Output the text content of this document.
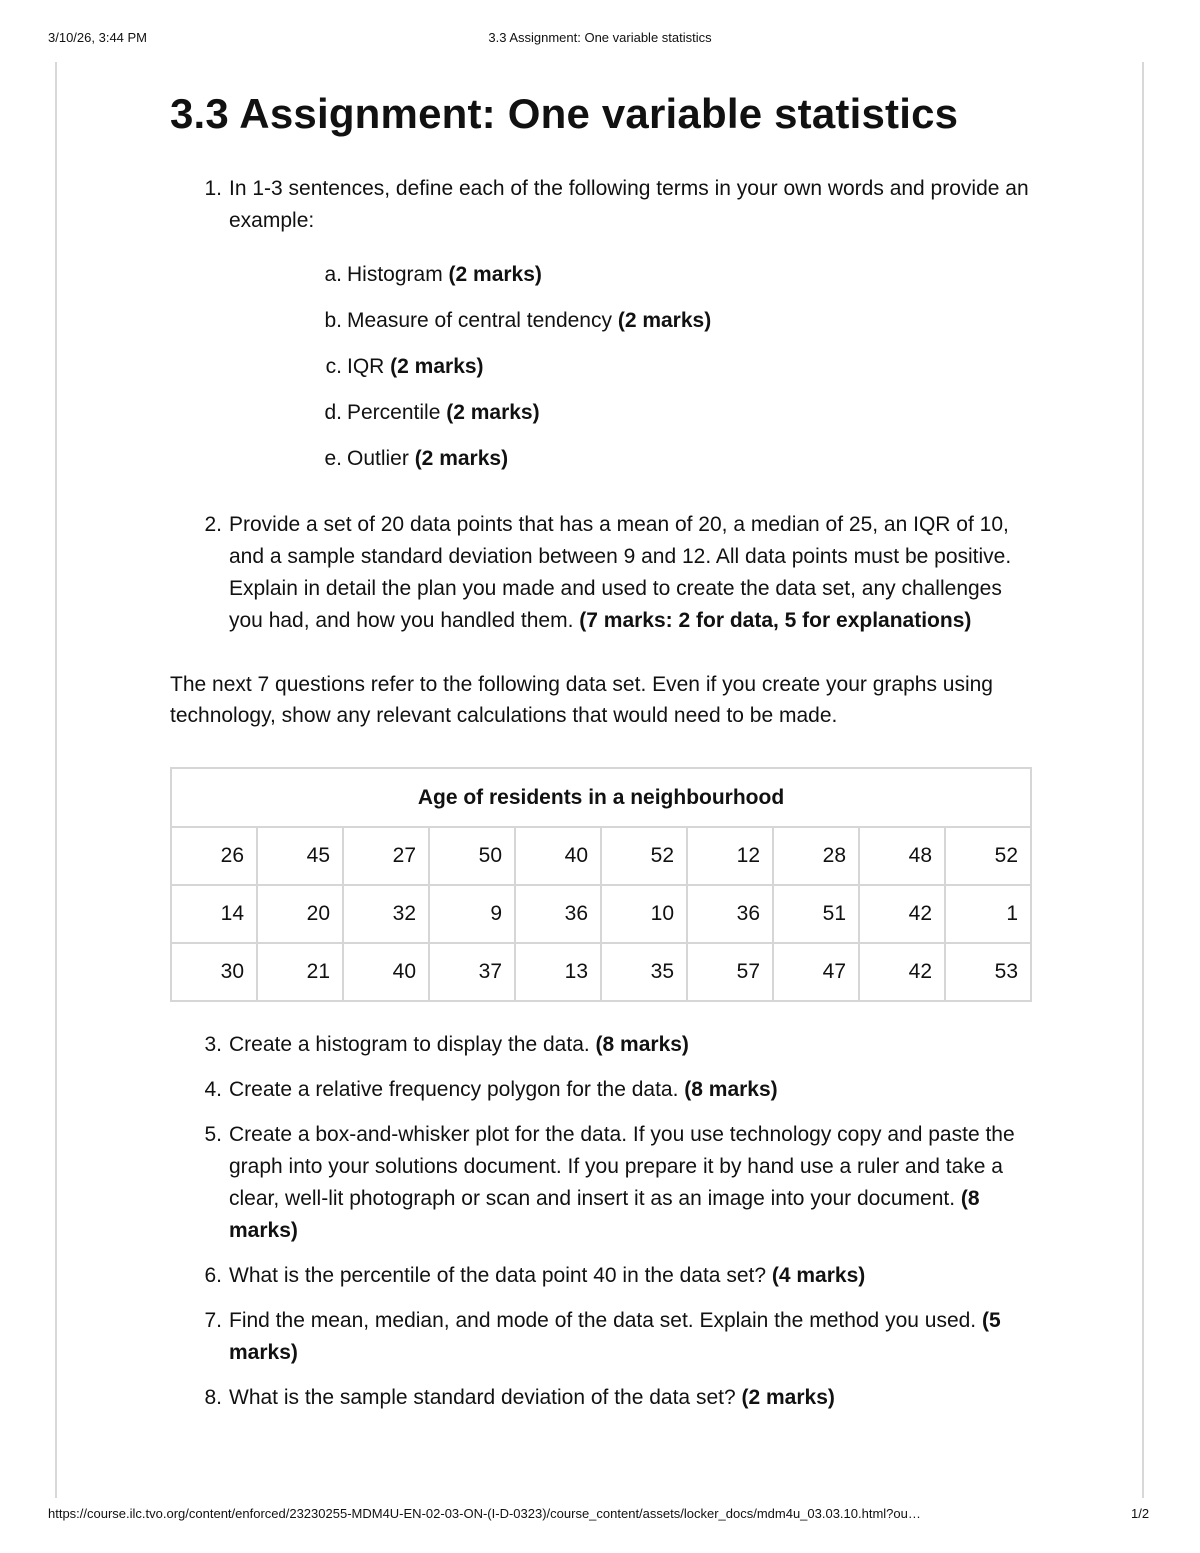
3/10/26, 3:44 PM	3.3 Assignment: One variable statistics
3.3 Assignment: One variable statistics
1. In 1-3 sentences, define each of the following terms in your own words and provide an example:
a. Histogram (2 marks)
b. Measure of central tendency (2 marks)
c. IQR (2 marks)
d. Percentile (2 marks)
e. Outlier (2 marks)
2. Provide a set of 20 data points that has a mean of 20, a median of 25, an IQR of 10, and a sample standard deviation between 9 and 12. All data points must be positive. Explain in detail the plan you made and used to create the data set, any challenges you had, and how you handled them. (7 marks: 2 for data, 5 for explanations)

The next 7 questions refer to the following data set. Even if you create your graphs using technology, show any relevant calculations that would need to be made.

Age of residents in a neighbourhood									
26	45	27	50	40	52	12	28	48	52
14	20	32	9	36	10	36	51	42	1
30	21	40	37	13	35	57	47	42	53
3. Create a histogram to display the data. (8 marks)
4. Create a relative frequency polygon for the data. (8 marks)
5. Create a box-and-whisker plot for the data. If you use technology copy and paste the graph into your solutions document. If you prepare it by hand use a ruler and take a clear, well-lit photograph or scan and insert it as an image into your document. (8 marks)
6. What is the percentile of the data point 40 in the data set? (4 marks)
7. Find the mean, median, and mode of the data set. Explain the method you used. (5 marks)
8. What is the sample standard deviation of the data set? (2 marks)
https://course.ilc.tvo.org/content/enforced/23230255-MDM4U-EN-02-03-ON-(I-D-0323)/course_content/assets/locker_docs/mdm4u_03.03.10.html?ou…	1/2
